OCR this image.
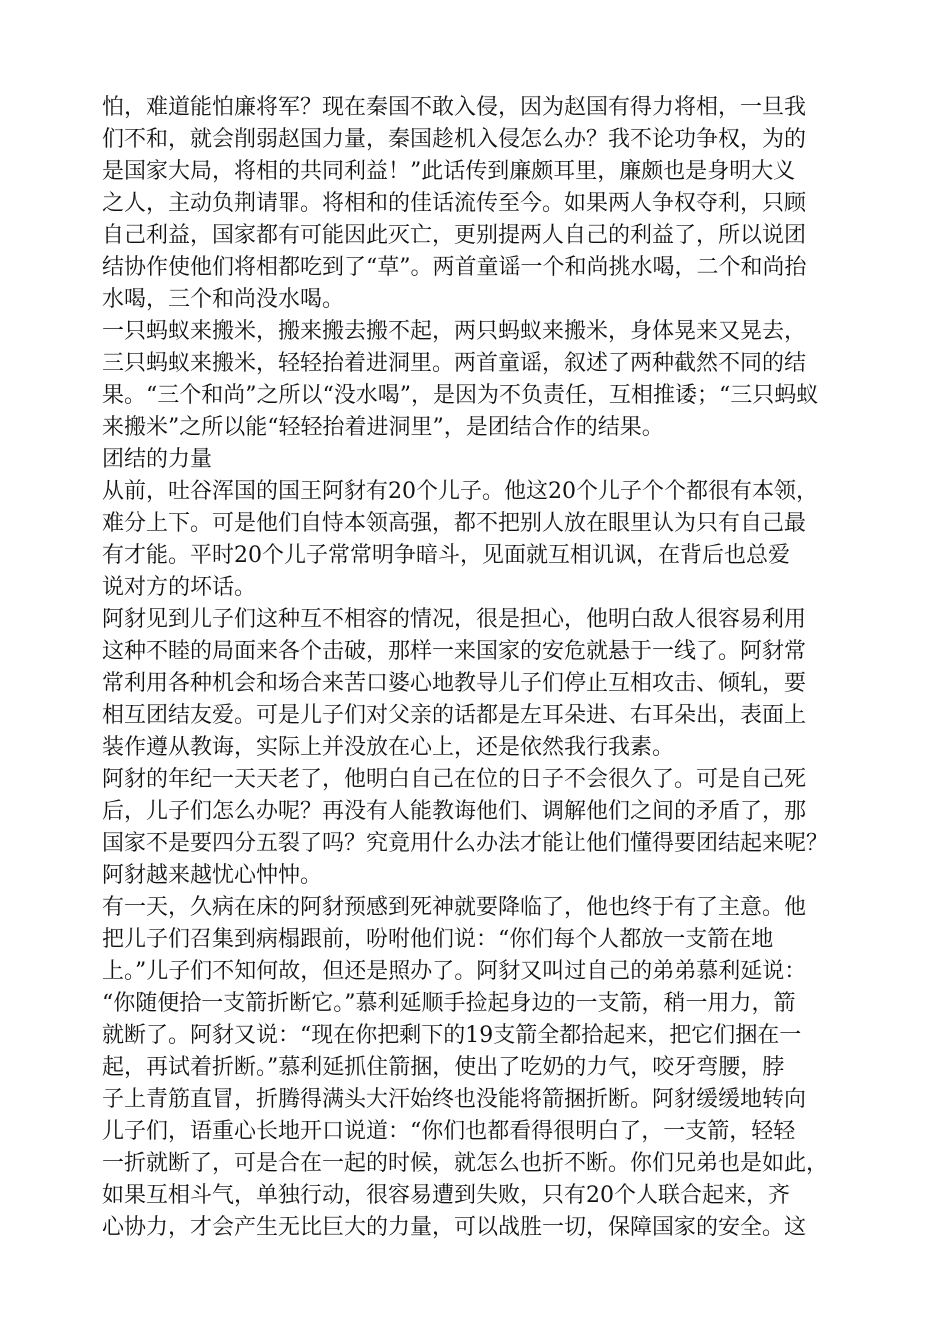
怕，难道能怕廉将军？现在秦国不敢入侵，因为赵国有得力将相，一旦我
们不和，就会削弱赵国力量，秦国趁机入侵怎么办？我不论功争权，为的
是国家大局，将相的共同利益！”此话传到廉颇耳里，廉颇也是身明大义
之人，主动负荆请罪。将相和的佳话流传至今。如果两人争权夺利，只顾
自己利益，国家都有可能因此灭亡，更别提两人自己的利益了，所以说团
结协作使他们将相都吃到了“草”。两首童谣一个和尚挑水喝，二个和尚抬
水喝，三个和尚没水喝。
一只蚂蚁来搬米，搬来搬去搬不起，两只蚂蚁来搬米，身体晃来又晃去，
三只蚂蚁来搬米，轻轻抬着进洞里。两首童谣，叙述了两种截然不同的结
果。“三个和尚”之所以“没水喝”，是因为不负责任，互相推诿；“三只蚂蚁
来搬米”之所以能“轻轻抬着进洞里”，是团结合作的结果。
团结的力量
从前，吐谷浑国的国王阿豺有20个儿子。他这20个儿子个个都很有本领，
难分上下。可是他们自恃本领高强，都不把别人放在眼里认为只有自己最
有才能。平时20个儿子常常明争暗斗，见面就互相讥讽，在背后也总爱
说对方的坏话。
阿豺见到儿子们这种互不相容的情况，很是担心，他明白敌人很容易利用
这种不睦的局面来各个击破，那样一来国家的安危就悬于一线了。阿豺常
常利用各种机会和场合来苦口婆心地教导儿子们停止互相攻击、倾轧，要
相互团结友爱。可是儿子们对父亲的话都是左耳朵进、右耳朵出，表面上
装作遵从教诲，实际上并没放在心上，还是依然我行我素。
阿豺的年纪一天天老了，他明白自己在位的日子不会很久了。可是自己死
后，儿子们怎么办呢？再没有人能教诲他们、调解他们之间的矛盾了，那
国家不是要四分五裂了吗？究竟用什么办法才能让他们懂得要团结起来呢？
阿豺越来越忧心忡忡。
有一天，久病在床的阿豺预感到死神就要降临了，他也终于有了主意。他
把儿子们召集到病榻跟前，吩咐他们说：“你们每个人都放一支箭在地
上。”儿子们不知何故，但还是照办了。阿豺又叫过自己的弟弟慕利延说：
“你随便拾一支箭折断它。”慕利延顺手捡起身边的一支箭，稍一用力，箭
就断了。阿豺又说：“现在你把剩下的19支箭全都拾起来，把它们捆在一
起，再试着折断。”慕利延抓住箭捆，使出了吃奶的力气，咬牙弯腰，脖
子上青筋直冒，折腾得满头大汗始终也没能将箭捆折断。阿豺缓缓地转向
儿子们，语重心长地开口说道：“你们也都看得很明白了，一支箭，轻轻
一折就断了，可是合在一起的时候，就怎么也折不断。你们兄弟也是如此，
如果互相斗气，单独行动，很容易遭到失败，只有20个人联合起来，齐
心协力，才会产生无比巨大的力量，可以战胜一切，保障国家的安全。这
